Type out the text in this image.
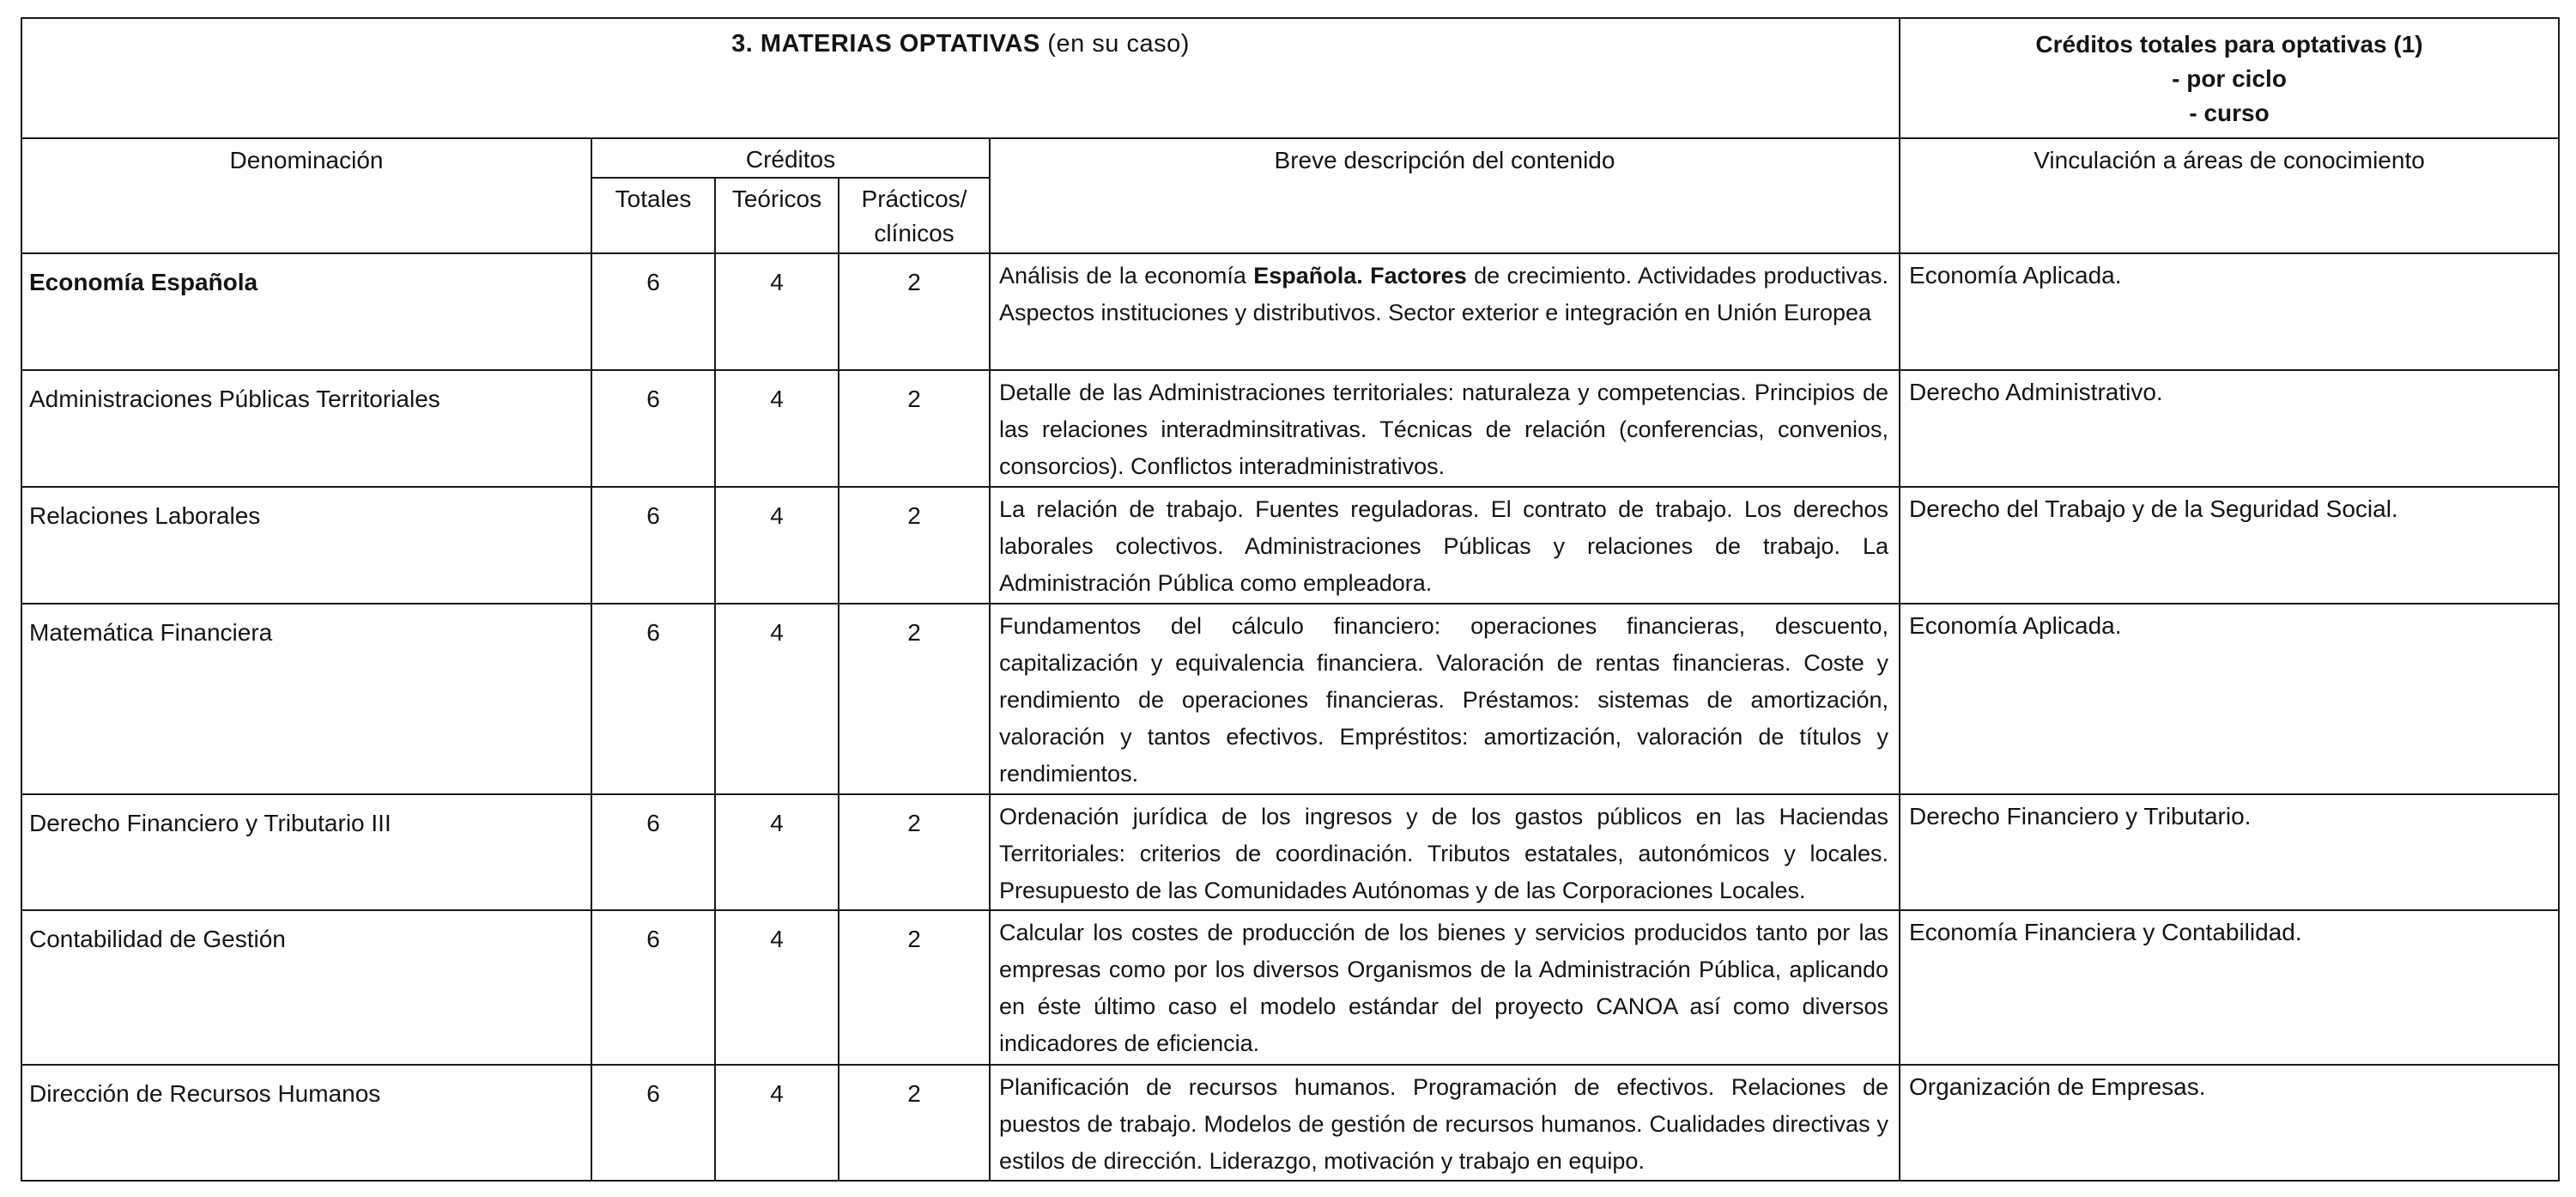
3. MATERIAS OPTATIVAS (en su caso)					Créditos totales para optativas (1)
- por ciclo
- curso

Denominación	Créditos			Breve descripción del contenido	Vinculación a áreas de conocimiento
	Totales	Teóricos	Prácticos/
clínicos		

Economía Española	6	4	2	Análisis de la economía Española. Factores de crecimiento. Actividades productivas. Aspectos instituciones y distributivos. Sector exterior e integración en Unión Europea	Economía Aplicada.
Administraciones Públicas Territoriales	6	4	2	Detalle de las Administraciones territoriales: naturaleza y competencias. Principios de las relaciones interadminsitrativas. Técnicas de relación (conferencias, convenios, consorcios). Conflictos interadministrativos.	Derecho Administrativo.
Relaciones Laborales	6	4	2	La relación de trabajo. Fuentes reguladoras. El contrato de trabajo. Los derechos laborales colectivos. Administraciones Públicas y relaciones de trabajo. La Administración Pública como empleadora.	Derecho del Trabajo y de la Seguridad Social.
Matemática Financiera	6	4	2	Fundamentos del cálculo financiero: operaciones financieras, descuento, capitalización y equivalencia financiera. Valoración de rentas financieras. Coste y rendimiento de operaciones financieras. Préstamos: sistemas de amortización, valoración y tantos efectivos. Empréstitos: amortización, valoración de títulos y rendimientos.	Economía Aplicada.
Derecho Financiero y Tributario III	6	4	2	Ordenación jurídica de los ingresos y de los gastos públicos en las Haciendas Territoriales: criterios de coordinación. Tributos estatales, autonómicos y locales. Presupuesto de las Comunidades Autónomas y de las Corporaciones Locales.	Derecho Financiero y Tributario.
Contabilidad de Gestión	6	4	2	Calcular los costes de producción de los bienes y servicios producidos tanto por las empresas como por los diversos Organismos de la Administración Pública, aplicando en éste último caso el modelo estándar del proyecto CANOA así como diversos indicadores de eficiencia.	Economía Financiera y Contabilidad.
Dirección de Recursos Humanos	6	4	2	Planificación de recursos humanos. Programación de efectivos. Relaciones de puestos de trabajo. Modelos de gestión de recursos humanos. Cualidades directivas y estilos de dirección. Liderazgo, motivación y trabajo en equipo.	Organización de Empresas.
